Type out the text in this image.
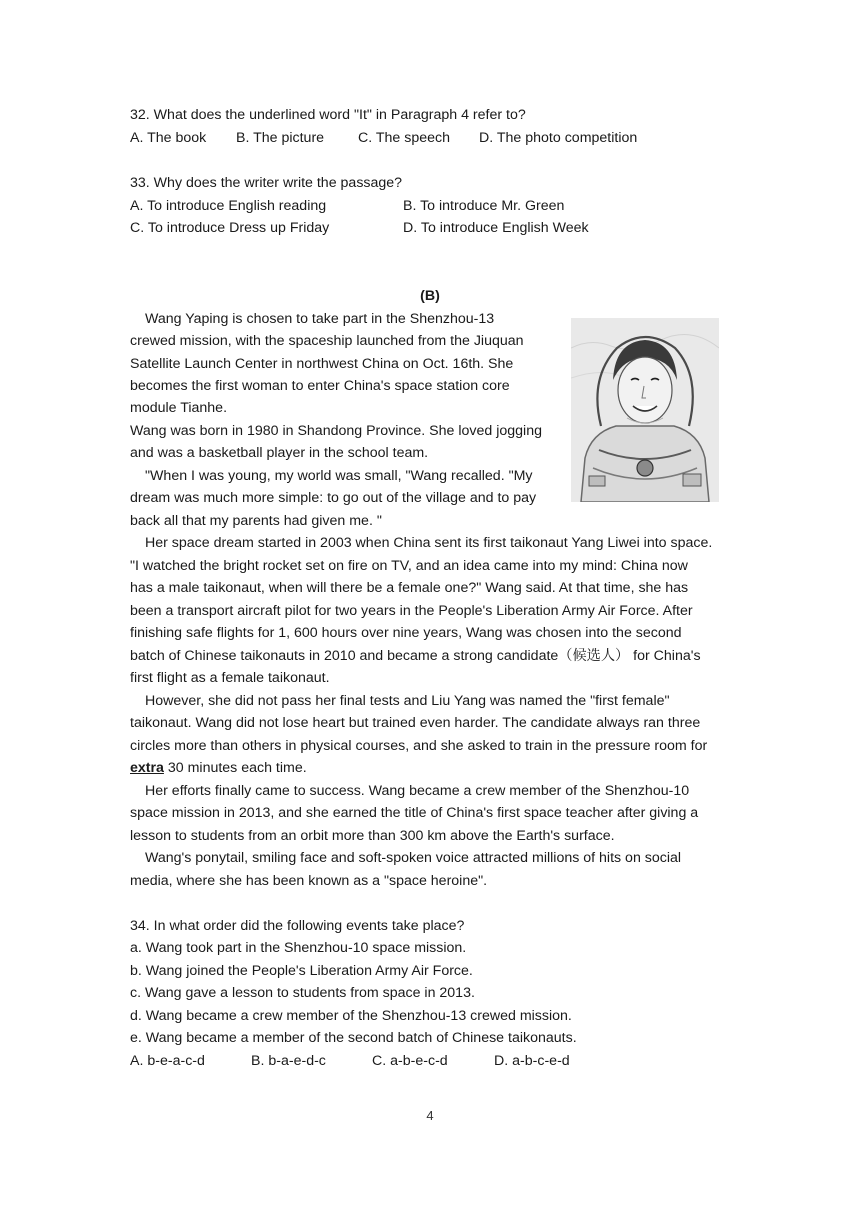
32. What does the underlined word "It" in Paragraph 4 refer to?
A. The book B. The picture C. The speech D. The photo competition
33. Why does the writer write the passage?
A. To introduce English reading	B. To introduce Mr. Green
C. To introduce Dress up Friday	D. To introduce English Week
(B)
Wang Yaping is chosen to take part in the Shenzhou-13
crewed mission, with the spaceship launched from the Jiuquan
Satellite Launch Center in northwest China on Oct. 16th. She
becomes the first woman to enter China's space station core
module Tianhe.
Wang was born in 1980 in Shandong Province. She loved jogging
and was a basketball player in the school team.
"When I was young, my world was small, "Wang recalled. "My
dream was much more simple: to go out of the village and to pay
back all that my parents had given me. "
Her space dream started in 2003 when China sent its first taikonaut Yang Liwei into space.
"I watched the bright rocket set on fire on TV, and an idea came into my mind: China now
has a male taikonaut, when will there be a female one?" Wang said. At that time, she has
been a transport aircraft pilot for two years in the People's Liberation Army Air Force. After
finishing safe flights for 1, 600 hours over nine years, Wang was chosen into the second
batch of Chinese taikonauts in 2010 and became a strong candidate（候选人） for China's
first flight as a female taikonaut.
However, she did not pass her final tests and Liu Yang was named the "first female"
taikonaut. Wang did not lose heart but trained even harder. The candidate always ran three
circles more than others in physical courses, and she asked to train in the pressure room for
extra 30 minutes each time.
Her efforts finally came to success. Wang became a crew member of the Shenzhou-10
space mission in 2013, and she earned the title of China's first space teacher after giving a
lesson to students from an orbit more than 300 km above the Earth's surface.
Wang's ponytail, smiling face and soft-spoken voice attracted millions of hits on social
media, where she has been known as a "space heroine".
34. In what order did the following events take place?
a. Wang took part in the Shenzhou-10 space mission.
b. Wang joined the People's Liberation Army Air Force.
c. Wang gave a lesson to students from space in 2013.
d. Wang became a crew member of the Shenzhou-13 crewed mission.
e. Wang became a member of the second batch of Chinese taikonauts.
A. b-e-a-c-d	B. b-a-e-d-c	C. a-b-e-c-d	D. a-b-c-e-d
4
